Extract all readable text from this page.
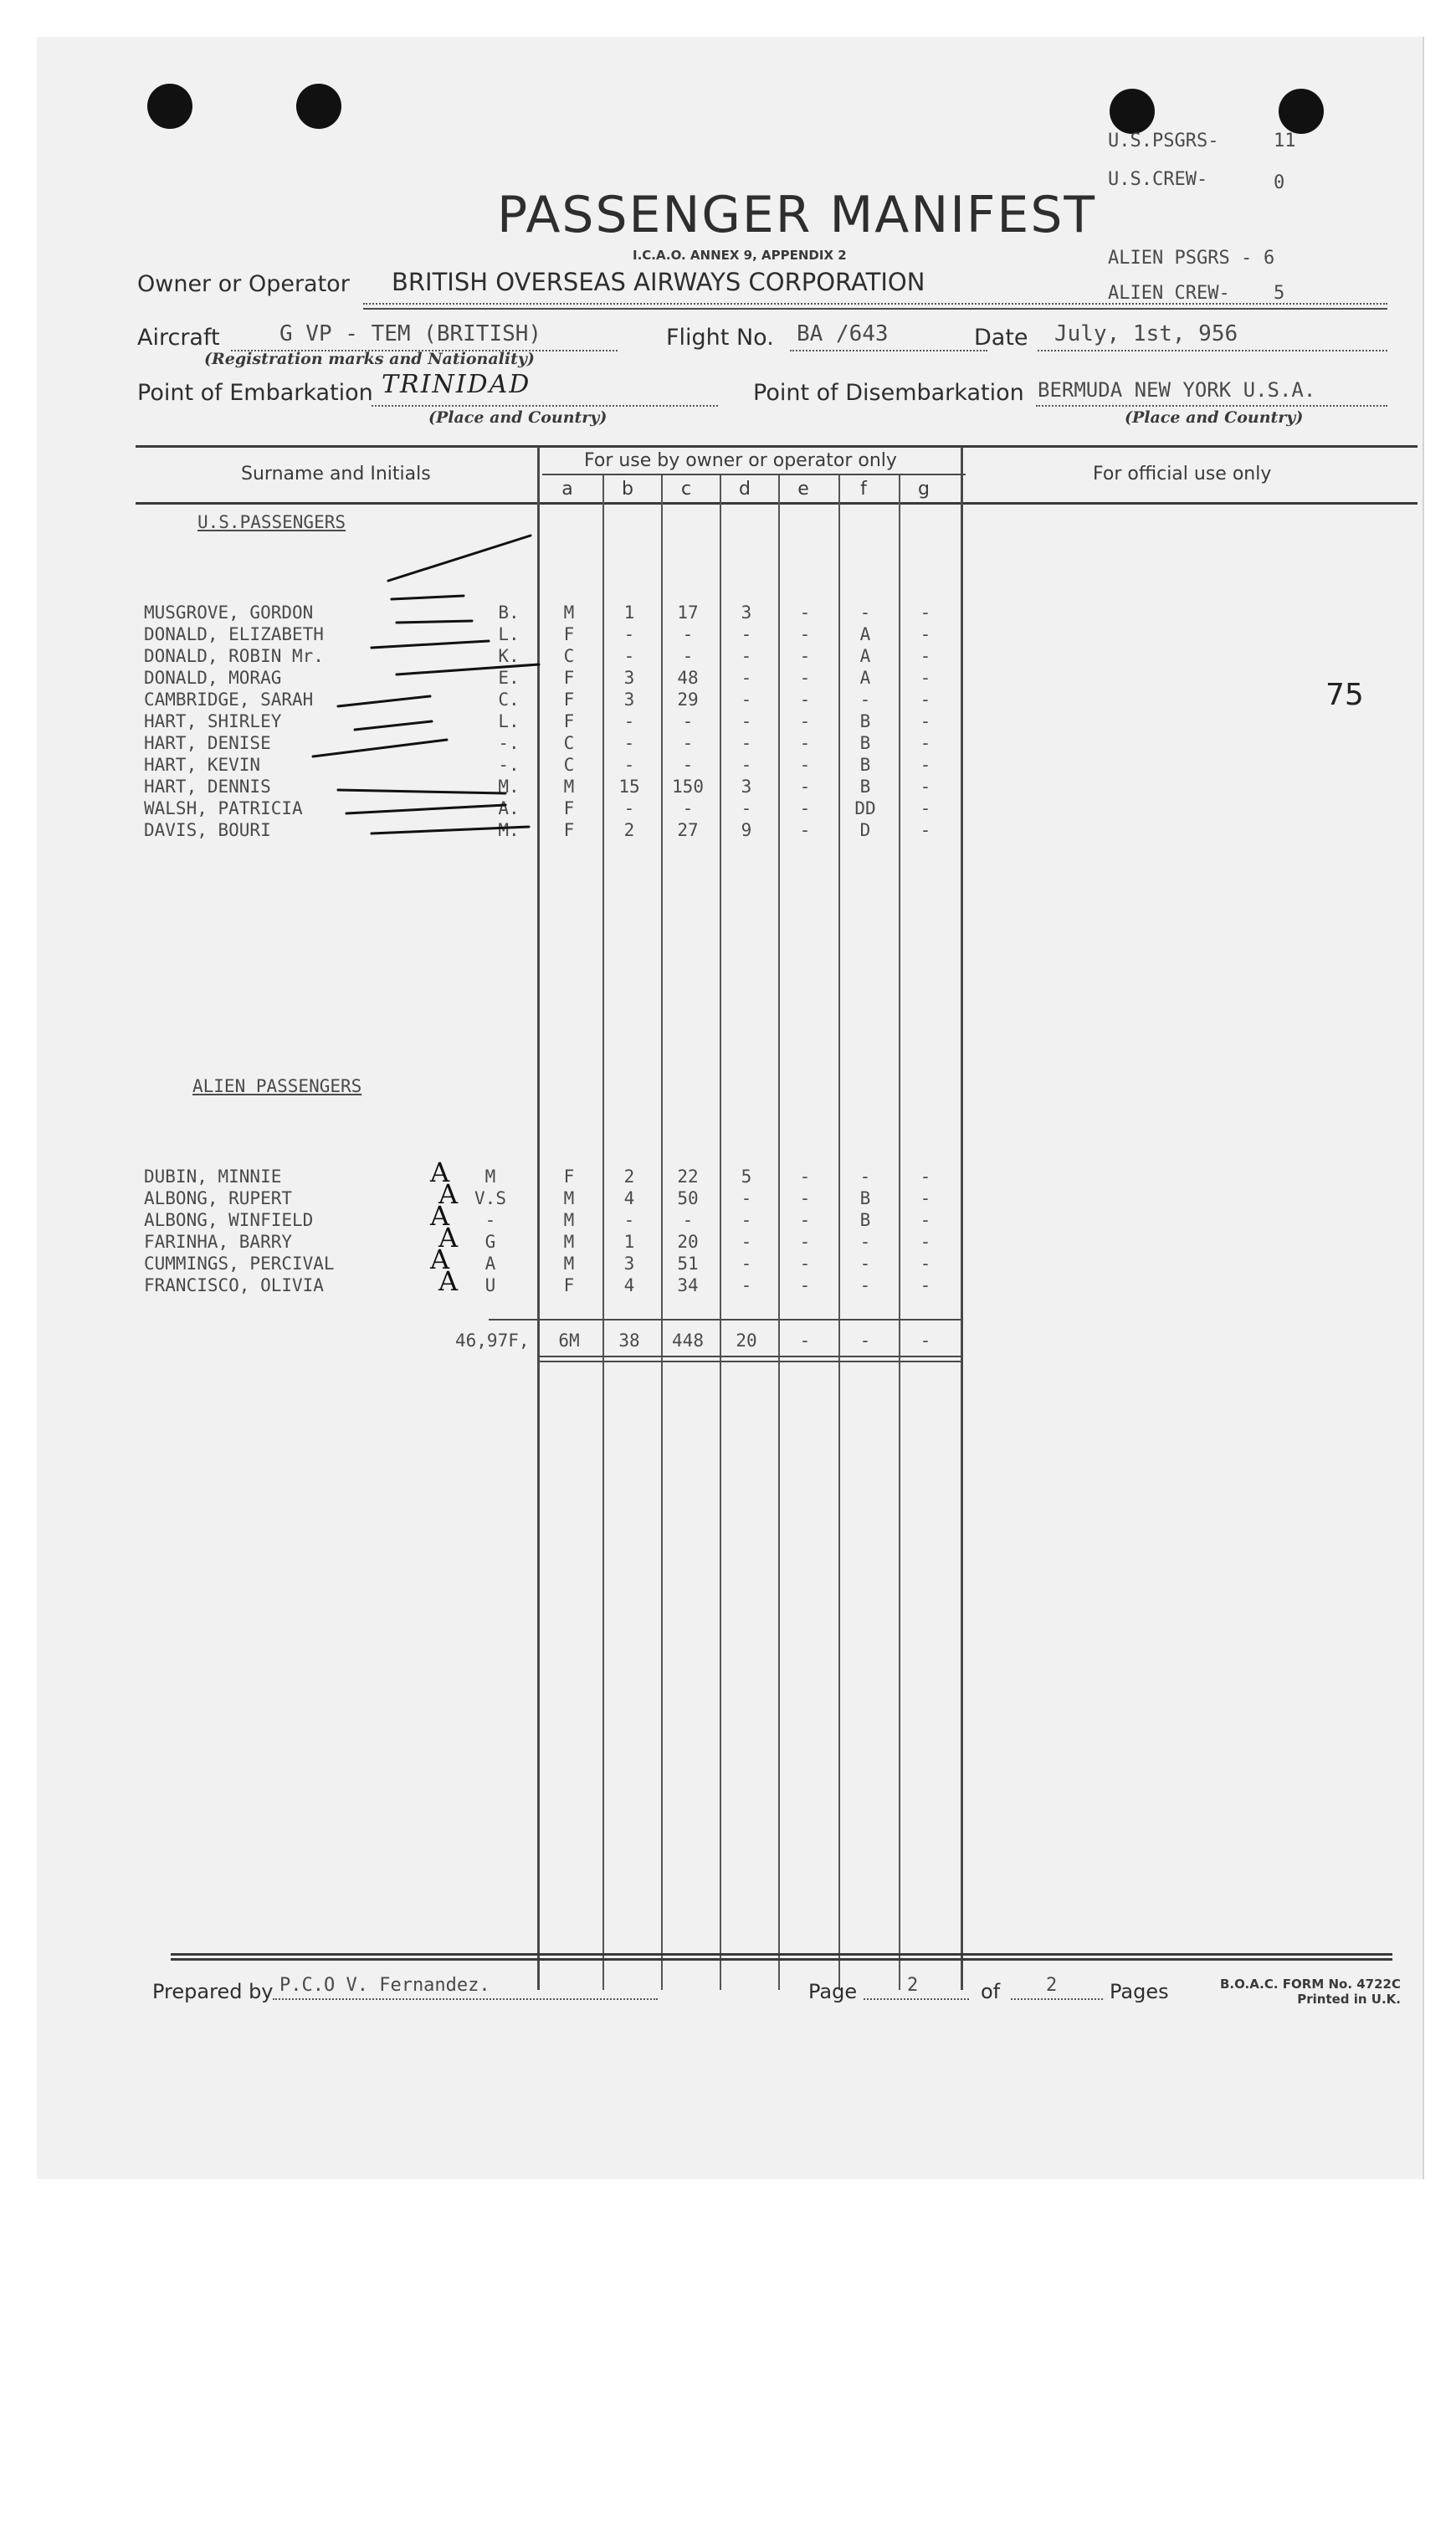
U.S.PSGRS-	11
U.S.CREW-	0
ALIEN PSGRS - 6
ALIEN CREW- 5
PASSENGER MANIFEST
I.C.A.O. ANNEX 9, APPENDIX 2
Owner or Operator BRITISH OVERSEAS AIRWAYS CORPORATION
Aircraft	G VP - TEM (BRITISH)
(Registration marks and Nationality)
Flight No. BA /643	Date July, 1st, 956
Point of Embarkation TRINIDAD
(Place and Country)
Point of Disembarkation BERMUDA NEW YORK U.S.A.
(Place and Country)
Surname and Initials
For use by owner or operator only
For official use only
a	b	c	d	e	f	g
U.S.PASSENGERS
ALIEN PASSENGERS
MUSGROVE, GORDON	B.	M	1	17	3	-	-	-
DONALD, ELIZABETH	L.	F	-	-	-	-	A	-
DONALD, ROBIN Mr.	K.	C	-	-	-	-	A	-
DONALD, MORAG	E.	F	3	48	-	-	A	-
CAMBRIDGE, SARAH	C.	F	3	29	-	-	-	-
HART, SHIRLEY	L.	F	-	-	-	-	B	-
HART, DENISE	-.	C	-	-	-	-	B	-
HART, KEVIN	-.	C	-	-	-	-	B	-
HART, DENNIS	M.	M	15	150	3	-	B	-
WALSH, PATRICIA	A.	F	-	-	-	-	DD	-
DAVIS, BOURI	M.	F	2	27	9	-	D	-
DUBIN, MINNIE	A	M	F	2	22	5	-	-	-
ALBONG, RUPERT	A V.S	M	4	50	-	-	B	-
ALBONG, WINFIELD	A	-	M	-	-	-	-	B	-
FARINHA, BARRY	A	G	M	1	20	-	-	-	-
CUMMINGS, PERCIVAL	A	A	M	3	51	-	-	-	-
FRANCISCO, OLIVIA	A	U	F	4	34	-	-	-	-
46,97F,	6M	38	448	20	-	-	-
75
Prepared by P.C.O V. Fernandez.	Page	2	of 2	Pages	B.O.A.C. FORM No. 4722C
Printed in U.K.
